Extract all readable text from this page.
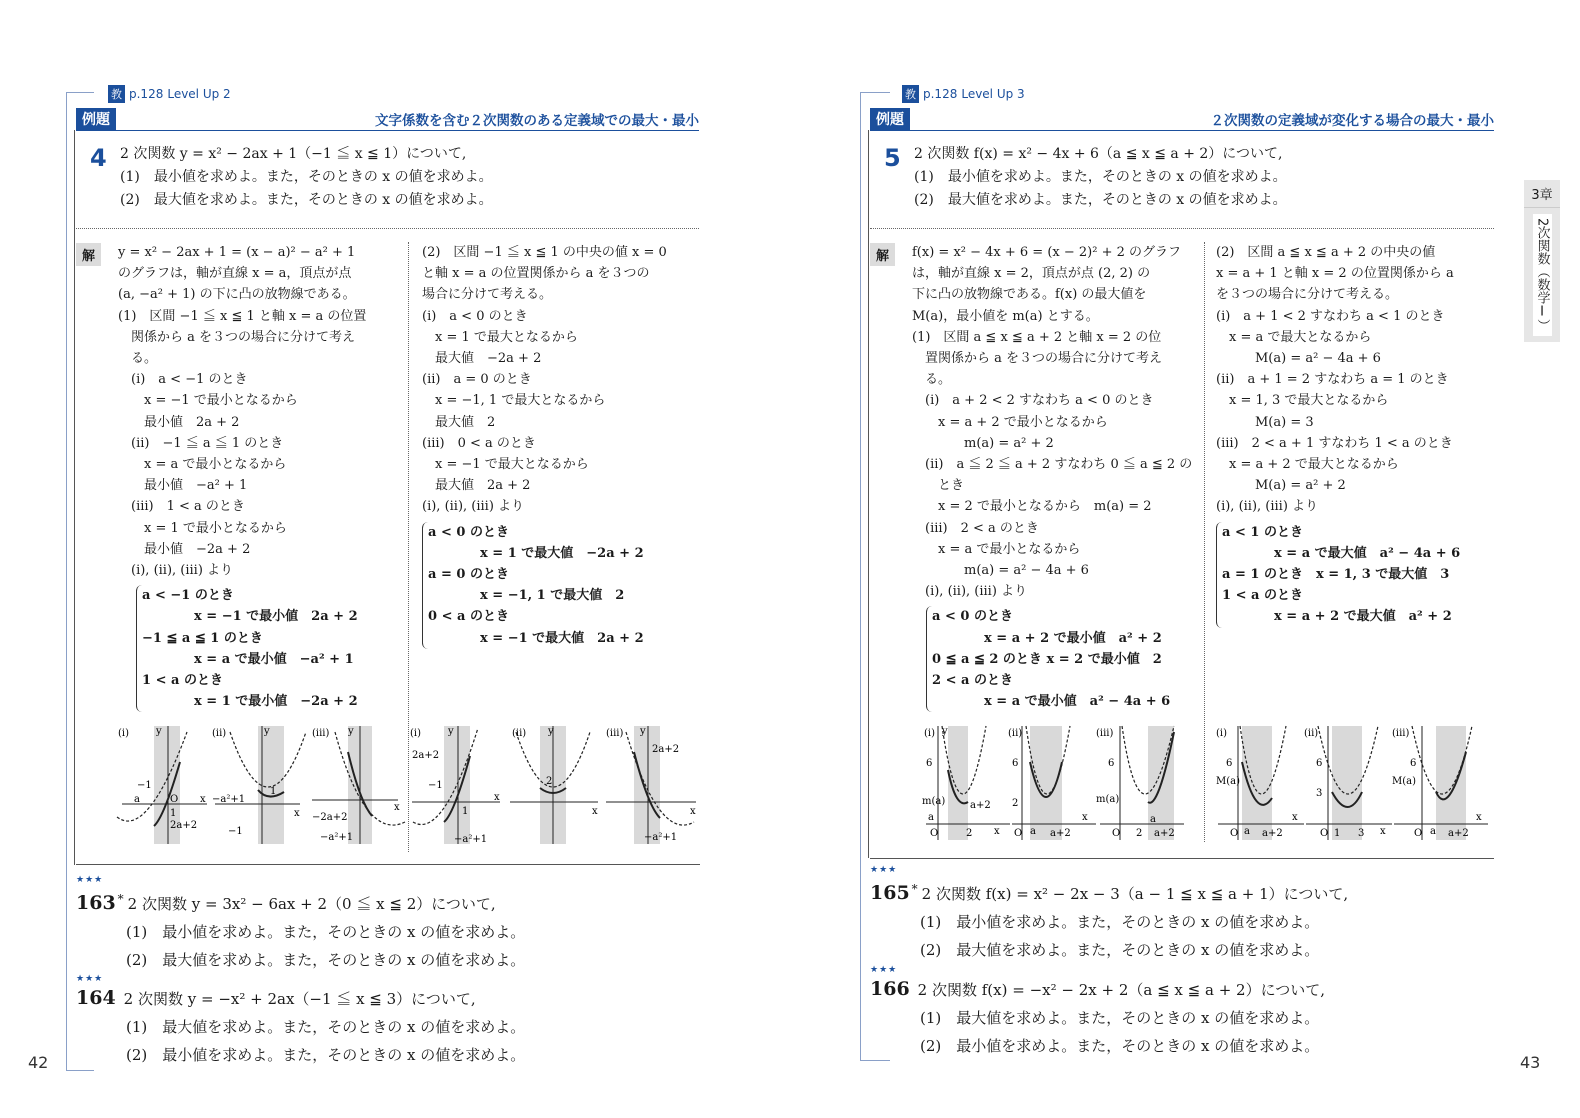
教 p.128 Level Up 2
例題	文字係数を含む２次関数のある定義域での最大・最小
4 2 次関数 y = x² − 2ax + 1（−1 ≦ x ≦ 1）について,
(1)　最小値を求めよ。また，そのときの x の値を求めよ。
(2)　最大値を求めよ。また，そのときの x の値を求めよ。
解	y = x² − 2ax + 1 = (x − a)² − a² + 1
のグラフは，軸が直線 x = a，頂点が点
(a, −a² + 1) の下に凸の放物線である。
(1)　区間 −1 ≦ x ≦ 1 と軸 x = a の位置
　関係から a を３つの場合に分けて考え
　る。
　(i)　a < −1 のとき
　　x = −1 で最小となるから
　　最小値　2a + 2
　(ii)　−1 ≦ a ≦ 1 のとき
　　x = a で最小となるから
　　最小値　−a² + 1
　(iii)　1 < a のとき
　　x = 1 で最小となるから
　　最小値　−2a + 2
　(i), (ii), (iii) より
a < −1 のとき
　　　　x = −1 で最小値　2a + 2
−1 ≦ a ≦ 1 のとき
　　　　x = a で最小値　−a² + 1
1 < a のとき
　　　　x = 1 で最小値　−2a + 2
(2)　区間 −1 ≦ x ≦ 1 の中央の値 x = 0
と軸 x = a の位置関係から a を３つの
場合に分けて考える。
(i)　a < 0 のとき
　x = 1 で最大となるから
　最大値　−2a + 2
(ii)　a = 0 のとき
　x = −1, 1 で最大となるから
　最大値　2
(iii)　0 < a のとき
　x = −1 で最大となるから
　最大値　2a + 2
(i), (ii), (iii) より
a < 0 のとき
　　　　x = 1 で最大値　−2a + 2
a = 0 のとき
　　　　x = −1, 1 で最大値　2
0 < a のとき
　　　　x = −1 で最大値　2a + 2
(i)	y
x
O
−1
1
a
2a+2
(ii)	y
x
−a²+1
1
−1
(iii) y
x
−2a+2
−a²+1
(i)	y
x
2a+2
−1
1
−a²+1
(ii) y
x
2
(iii) y
x
2a+2
−a²+1
★★★
163 * 2 次関数 y = 3x² − 6ax + 2（0 ≦ x ≦ 2）について,
(1)　最小値を求めよ。また，そのときの x の値を求めよ。
(2)　最大値を求めよ。また，そのときの x の値を求めよ。
★★★
164 2 次関数 y = −x² + 2ax（−1 ≦ x ≦ 3）について,
(1)　最大値を求めよ。また，そのときの x の値を求めよ。
(2)　最小値を求めよ。また，そのときの x の値を求めよ。
42
教 p.128 Level Up 3
例題	２次関数の定義域が変化する場合の最大・最小
5 2 次関数 f(x) = x² − 4x + 6（a ≦ x ≦ a + 2）について,
(1)　最小値を求めよ。また，そのときの x の値を求めよ。
(2)　最大値を求めよ。また，そのときの x の値を求めよ。
解	f(x) = x² − 4x + 6 = (x − 2)² + 2 のグラフ
は，軸が直線 x = 2，頂点が点 (2, 2) の
下に凸の放物線である。f(x) の最大値を
M(a)，最小値を m(a) とする。
(1)　区間 a ≦ x ≦ a + 2 と軸 x = 2 の位
　置関係から a を３つの場合に分けて考え
　る。
　(i)　a + 2 < 2 すなわち a < 0 のとき
　　x = a + 2 で最小となるから
　　　　m(a) = a² + 2
　(ii)　a ≦ 2 ≦ a + 2 すなわち 0 ≦ a ≦ 2 の
　　とき
　　x = 2 で最小となるから　m(a) = 2
　(iii)　2 < a のとき
　　x = a で最小となるから
　　　　m(a) = a² − 4a + 6
　(i), (ii), (iii) より
a < 0 のとき
　　　　x = a + 2 で最小値　a² + 2
0 ≦ a ≦ 2 のとき x = 2 で最小値　2
2 < a のとき
　　　　x = a で最小値　a² − 4a + 6
(2)　区間 a ≦ x ≦ a + 2 の中央の値
x = a + 1 と軸 x = 2 の位置関係から a
を３つの場合に分けて考える。
(i)　a + 1 < 2 すなわち a < 1 のとき
　x = a で最大となるから
　　　M(a) = a² − 4a + 6
(ii)　a + 1 = 2 すなわち a = 1 のとき
　x = 1, 3 で最大となるから
　　　M(a) = 3
(iii)　2 < a + 1 すなわち 1 < a のとき
　x = a + 2 で最大となるから
　　　M(a) = a² + 2
(i), (ii), (iii) より
a < 1 のとき
　　　　x = a で最大値　a² − 4a + 6
a = 1 のとき　x = 1, 3 で最大値　3
1 < a のとき
　　　　x = a + 2 で最大値　a² + 2
(i) y
6
m(a) a+2
a
O	2 x
(ii)
6
2
O a a+2
x
(iii)
6
m(a)
O 2
a
a+2
(i)
6
M(a)
O a a+2
x
(ii)
6
3
O 1 3 x
(iii)
6
M(a)
O a a+2
x
★★★
165 * 2 次関数 f(x) = x² − 2x − 3（a − 1 ≦ x ≦ a + 1）について,
(1)　最小値を求めよ。また，そのときの x の値を求めよ。
(2)　最大値を求めよ。また，そのときの x の値を求めよ。
★★★
166 2 次関数 f(x) = −x² − 2x + 2（a ≦ x ≦ a + 2）について,
(1)　最大値を求めよ。また，そのときの x の値を求めよ。
(2)　最小値を求めよ。また，そのときの x の値を求めよ。
3章
2次関数（数学Ⅰ）
43
